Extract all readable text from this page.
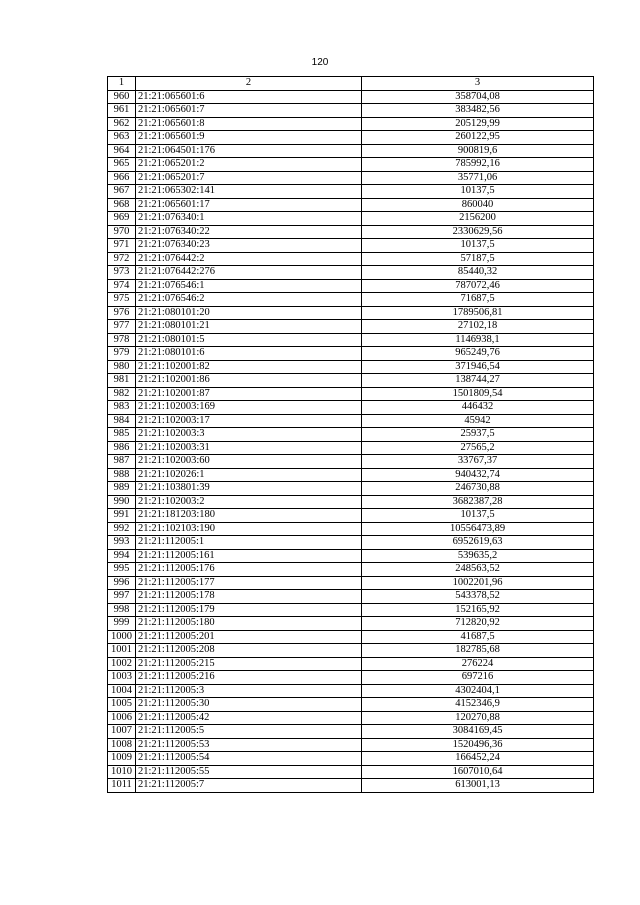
120
1	2	3
960	21:21:065601:6	358704,08
961	21:21:065601:7	383482,56
962	21:21:065601:8	205129,99
963	21:21:065601:9	260122,95
964	21:21:064501:176	900819,6
965	21:21:065201:2	785992,16
966	21:21:065201:7	35771,06
967	21:21:065302:141	10137,5
968	21:21:065601:17	860040
969	21:21:076340:1	2156200
970	21:21:076340:22	2330629,56
971	21:21:076340:23	10137,5
972	21:21:076442:2	57187,5
973	21:21:076442:276	85440,32
974	21:21:076546:1	787072,46
975	21:21:076546:2	71687,5
976	21:21:080101:20	1789506,81
977	21:21:080101:21	27102,18
978	21:21:080101:5	1146938,1
979	21:21:080101:6	965249,76
980	21:21:102001:82	371946,54
981	21:21:102001:86	138744,27
982	21:21:102001:87	1501809,54
983	21:21:102003:169	446432
984	21:21:102003:17	45942
985	21:21:102003:3	25937,5
986	21:21:102003:31	27565,2
987	21:21:102003:60	33767,37
988	21:21:102026:1	940432,74
989	21:21:103801:39	246730,88
990	21:21:102003:2	3682387,28
991	21:21:181203:180	10137,5
992	21:21:102103:190	10556473,89
993	21:21:112005:1	6952619,63
994	21:21:112005:161	539635,2
995	21:21:112005:176	248563,52
996	21:21:112005:177	1002201,96
997	21:21:112005:178	543378,52
998	21:21:112005:179	152165,92
999	21:21:112005:180	712820,92
1000	21:21:112005:201	41687,5
1001	21:21:112005:208	182785,68
1002	21:21:112005:215	276224
1003	21:21:112005:216	697216
1004	21:21:112005:3	4302404,1
1005	21:21:112005:30	4152346,9
1006	21:21:112005:42	120270,88
1007	21:21:112005:5	3084169,45
1008	21:21:112005:53	1520496,36
1009	21:21:112005:54	166452,24
1010	21:21:112005:55	1607010,64
1011	21:21:112005:7	613001,13
